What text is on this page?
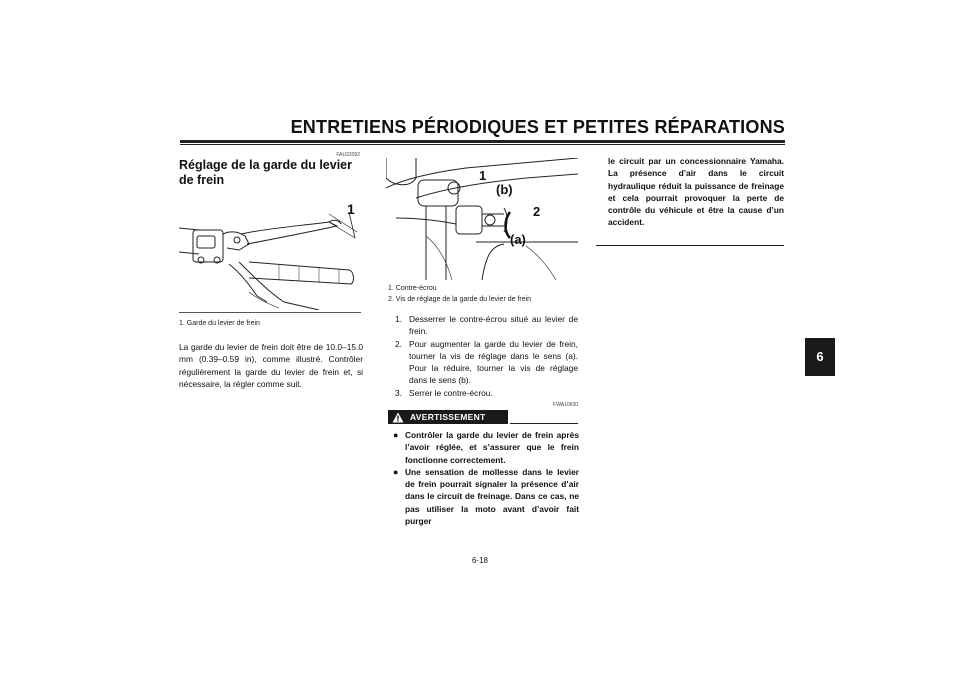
ENTRETIENS PÉRIODIQUES ET PETITES RÉPARATIONS
FAU22092
Réglage de la garde du levier de frein
1
1. Garde du levier de frein
La garde du levier de frein doit être de 10.0–15.0 mm (0.39–0.59 in), comme illustré. Contrôler régulièrement la garde du levier de frein et, si nécessaire, la régler comme suit.
1
2
(b)
(a)
1. Contre-écrou
2. Vis de réglage de la garde du levier de frein
1. Desserrer le contre-écrou situé au levier de frein.
2. Pour augmenter la garde du levier de frein, tourner la vis de réglage dans le sens (a). Pour la réduire, tourner la vis de réglage dans le sens (b).
3. Serrer le contre-écrou.
FWA10630
AVERTISSEMENT
● Contrôler la garde du levier de frein après l’avoir réglée, et s’assurer que le frein fonctionne correctement.
● Une sensation de mollesse dans le levier de frein pourrait signaler la présence d’air dans le circuit de freinage. Dans ce cas, ne pas utiliser la moto avant d’avoir fait purger
6-18
le circuit par un concessionnaire Yamaha. La présence d’air dans le circuit hydraulique réduit la puissance de freinage et cela pourrait provoquer la perte de contrôle du véhicule et être la cause d’un accident.
6
